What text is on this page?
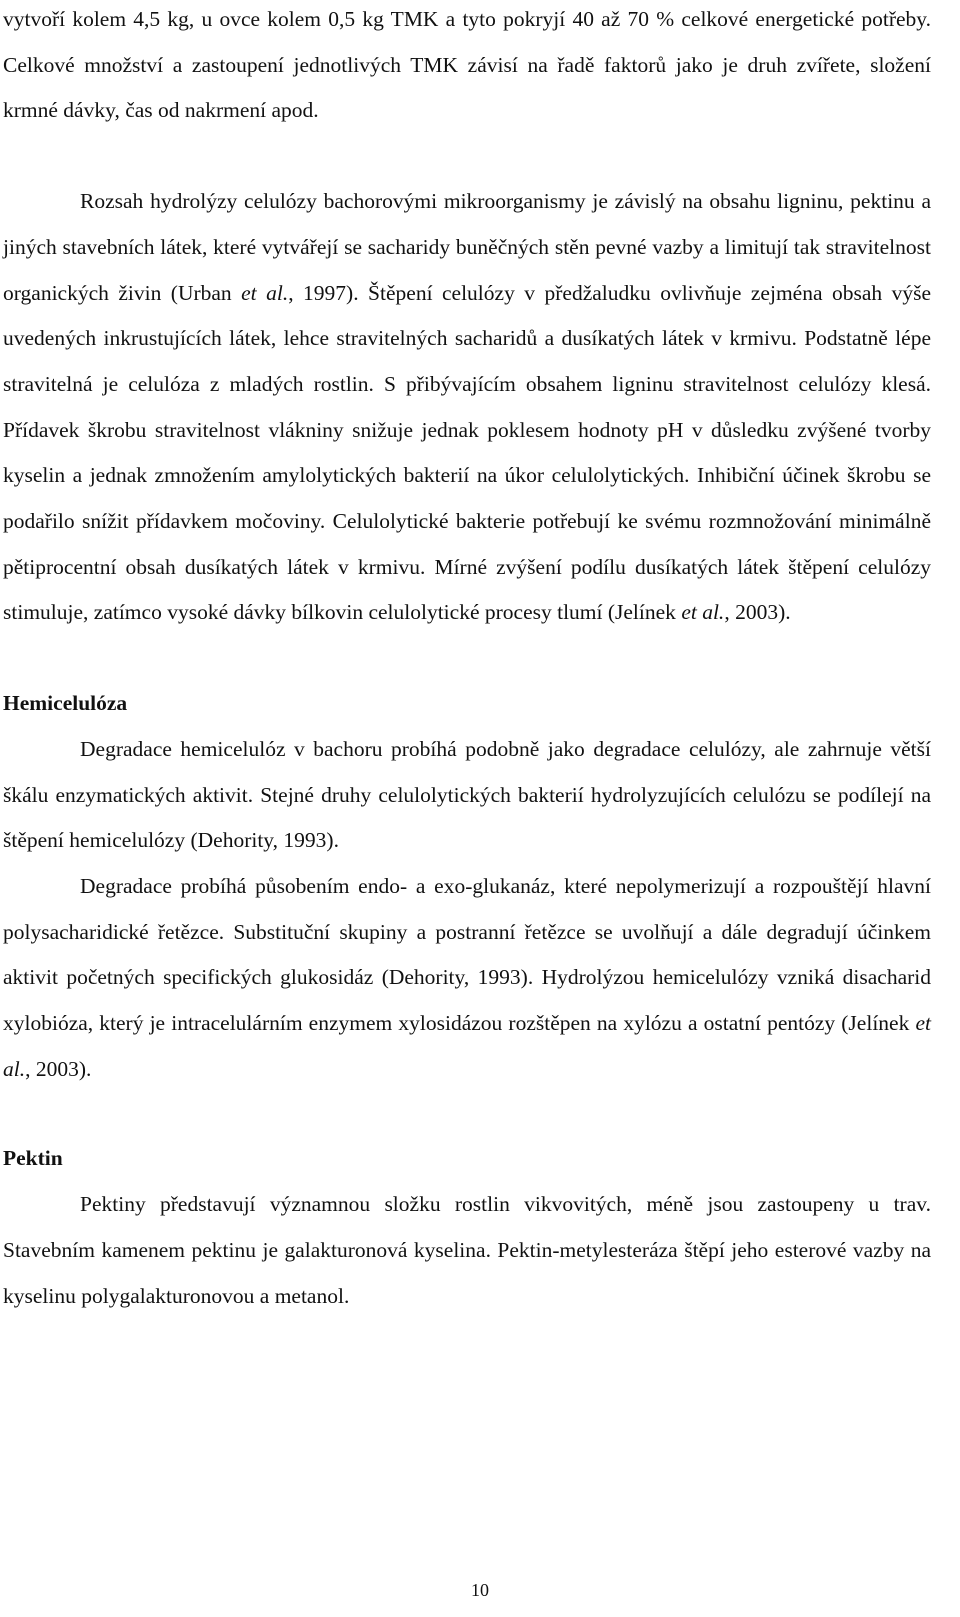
vytvoří kolem 4,5 kg, u ovce kolem 0,5 kg TMK a tyto pokryjí 40 až 70 % celkové energetické potřeby. Celkové množství a zastoupení jednotlivých TMK závisí na řadě faktorů jako je druh zvířete, složení krmné dávky, čas od nakrmení apod.

Rozsah hydrolýzy celulózy bachorovými mikroorganismy je závislý na obsahu ligninu, pektinu a jiných stavebních látek, které vytvářejí se sacharidy buněčných stěn pevné vazby a limitují tak stravitelnost organických živin (Urban et al., 1997). Štěpení celulózy v předžaludku ovlivňuje zejména obsah výše uvedených inkrustujících látek, lehce stravitelných sacharidů a dusíkatých látek v krmivu. Podstatně lépe stravitelná je celulóza z mladých rostlin. S přibývajícím obsahem ligninu stravitelnost celulózy klesá. Přídavek škrobu stravitelnost vlákniny snižuje jednak poklesem hodnoty pH v důsledku zvýšené tvorby kyselin a jednak zmnožením amylolytických bakterií na úkor celulolytických. Inhibiční účinek škrobu se podařilo snížit přídavkem močoviny. Celulolytické bakterie potřebují ke svému rozmnožování minimálně pětiprocentní obsah dusíkatých látek v krmivu. Mírné zvýšení podílu dusíkatých látek štěpení celulózy stimuluje, zatímco vysoké dávky bílkovin celulolytické procesy tlumí (Jelínek et al., 2003).

Hemicelulóza

Degradace hemicelulóz v bachoru probíhá podobně jako degradace celulózy, ale zahrnuje větší škálu enzymatických aktivit. Stejné druhy celulolytických bakterií hydrolyzujících celulózu se podílejí na štěpení hemicelulózy (Dehority, 1993).

Degradace probíhá působením endo- a exo-glukanáz, které nepolymerizují a rozpouštějí hlavní polysacharidické řetězce. Substituční skupiny a postranní řetězce se uvolňují a dále degradují účinkem aktivit početných specifických glukosidáz (Dehority, 1993). Hydrolýzou hemicelulózy vzniká disacharid xylobióza, který je intracelulárním enzymem xylosidázou rozštěpen na xylózu a ostatní pentózy (Jelínek et al., 2003).

Pektin

Pektiny představují významnou složku rostlin vikvovitých, méně jsou zastoupeny u trav. Stavebním kamenem pektinu je galakturonová kyselina. Pektin-metylesteráza štěpí jeho esterové vazby na kyselinu polygalakturonovou a metanol.

10
